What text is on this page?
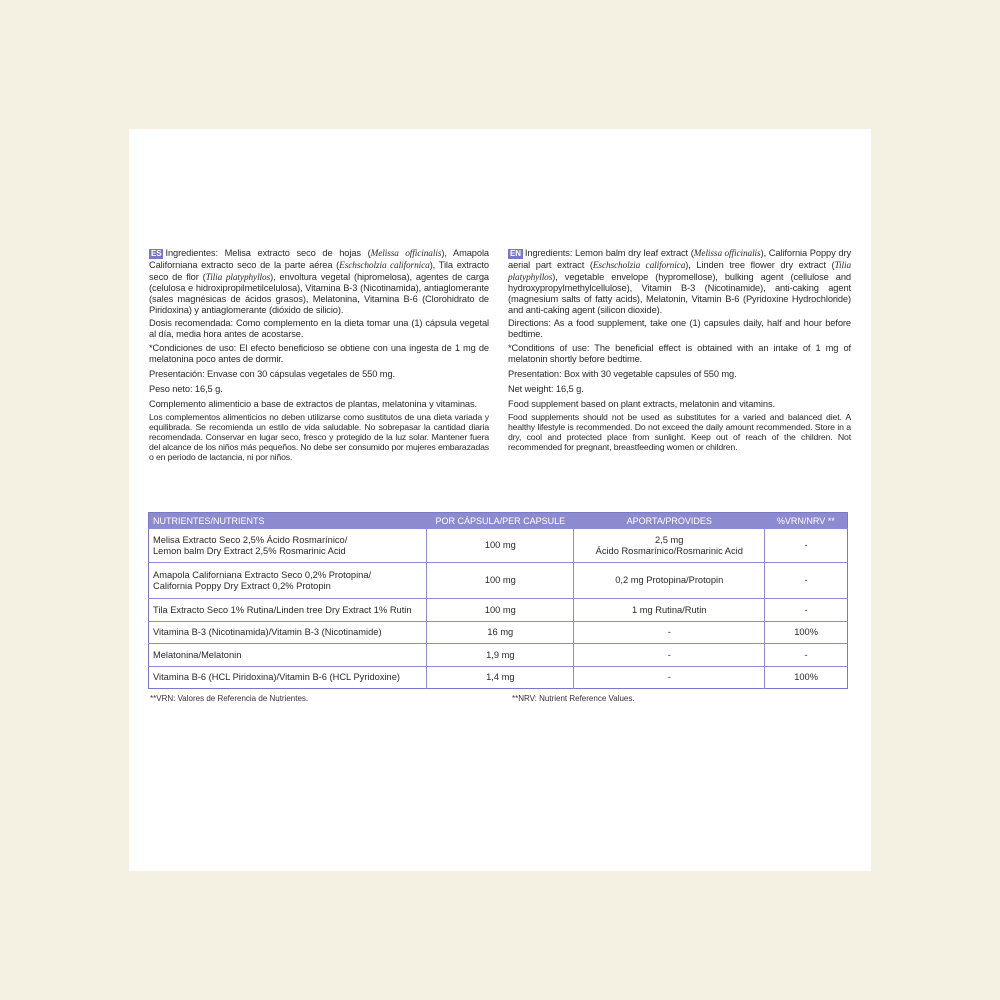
ES Ingredientes: Melisa extracto seco de hojas (Melissa officinalis), Amapola Californiana extracto seco de la parte aérea (Eschscholzia californica), Tila extracto seco de flor (Tilia platyphyllos), envoltura vegetal (hipromelosa), agentes de carga (celulosa e hidroxipropilmetilcelulosa), Vitamina B-3 (Nicotinamida), antiaglomerante (sales magnésicas de ácidos grasos), Melatonina, Vitamina B-6 (Clorohidrato de Piridoxina) y antiaglomerante (dióxido de silicio).

Dosis recomendada: Como complemento en la dieta tomar una (1) cápsula vegetal al día, media hora antes de acostarse.

*Condiciones de uso: El efecto beneficioso se obtiene con una ingesta de 1 mg de melatonina poco antes de dormir.

Presentación: Envase con 30 cápsulas vegetales de 550 mg.

Peso neto: 16,5 g.

Complemento alimenticio a base de extractos de plantas, melatonina y vitaminas.

Los complementos alimenticios no deben utilizarse como sustitutos de una dieta variada y equilibrada. Se recomienda un estilo de vida saludable. No sobrepasar la cantidad diaria recomendada. Conservar en lugar seco, fresco y protegido de la luz solar. Mantener fuera del alcance de los niños más pequeños. No debe ser consumido por mujeres embarazadas o en periodo de lactancia, ni por niños.

EN Ingredients: Lemon balm dry leaf extract (Melissa officinalis), California Poppy dry aerial part extract (Eschscholzia californica), Linden tree flower dry extract (Tilia platyphyllos), vegetable envelope (hypromellose), bulking agent (cellulose and hydroxypropylmethylcellulose), Vitamin B-3 (Nicotinamide), anti-caking agent (magnesium salts of fatty acids), Melatonin, Vitamin B-6 (Pyridoxine Hydrochloride) and anti-caking agent (silicon dioxide).

Directions: As a food supplement, take one (1) capsules daily, half and hour before bedtime.

*Conditions of use: The beneficial effect is obtained with an intake of 1 mg of melatonin shortly before bedtime.

Presentation: Box with 30 vegetable capsules of 550 mg.

Net weight: 16,5 g.

Food supplement based on plant extracts, melatonin and vitamins.

Food supplements should not be used as substitutes for a varied and balanced diet. A healthy lifestyle is recommended. Do not exceed the daily amount recommended. Store in a dry, cool and protected place from sunlight. Keep out of reach of the children. Not recommended for pregnant, breastfeeding women or children.

NUTRIENTES/NUTRIENTS	POR CÁPSULA/PER CAPSULE	APORTA/PROVIDES	%VRN/NRV **
Melisa Extracto Seco 2,5% Ácido Rosmarínico/
Lemon balm Dry Extract 2,5% Rosmarinic Acid	100 mg	2,5 mg
Ácido Rosmarínico/Rosmarinic Acid	-
Amapola Californiana Extracto Seco 0,2% Protopina/
California Poppy Dry Extract 0,2% Protopin	100 mg	0,2 mg Protopina/Protopin	-
Tila Extracto Seco 1% Rutina/Linden tree Dry Extract 1% Rutin	100 mg	1 mg Rutina/Rutin	-
Vitamina B-3 (Nicotinamida)/Vitamin B-3 (Nicotinamide)	16 mg	-	100%
Melatonina/Melatonin	1,9 mg	-	-
Vitamina B-6 (HCL Piridoxina)/Vitamin B-6 (HCL Pyridoxine)	1,4 mg	-	100%
**VRN: Valores de Referencia de Nutrientes.	**NRV: Nutrient Reference Values.
